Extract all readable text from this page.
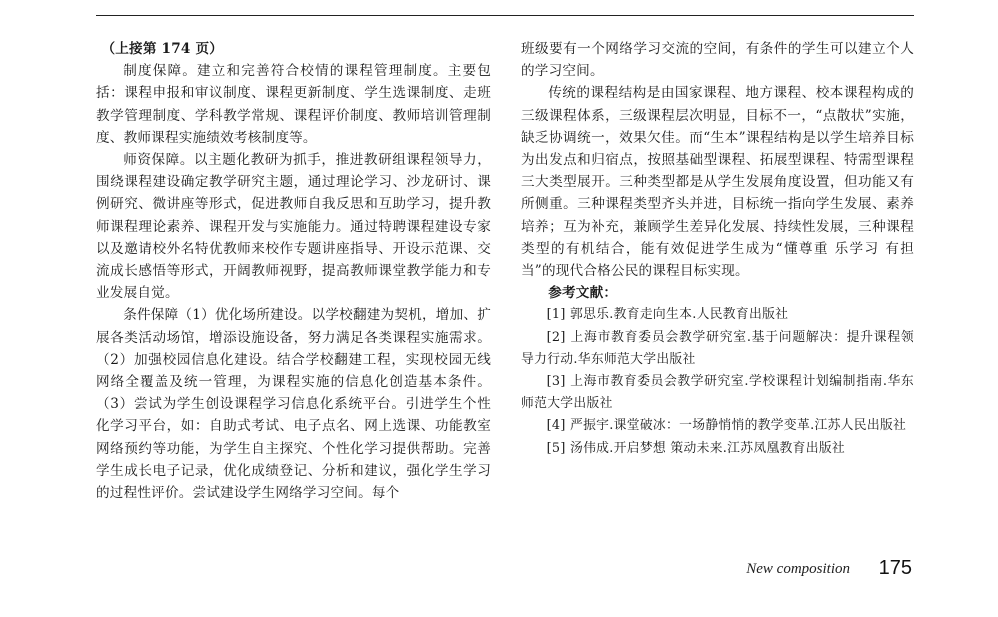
（上接第 174 页）

制度保障。建立和完善符合校情的课程管理制度。主要包括：课程申报和审议制度、课程更新制度、学生选课制度、走班教学管理制度、学科教学常规、课程评价制度、教师培训管理制度、教师课程实施绩效考核制度等。

师资保障。以主题化教研为抓手，推进教研组课程领导力，围绕课程建设确定教学研究主题，通过理论学习、沙龙研讨、课例研究、微讲座等形式，促进教师自我反思和互助学习，提升教师课程理论素养、课程开发与实施能力。通过特聘课程建设专家以及邀请校外名特优教师来校作专题讲座指导、开设示范课、交流成长感悟等形式，开阔教师视野，提高教师课堂教学能力和专业发展自觉。

条件保障（1）优化场所建设。以学校翻建为契机，增加、扩展各类活动场馆，增添设施设备，努力满足各类课程实施需求。（2）加强校园信息化建设。结合学校翻建工程，实现校园无线网络全覆盖及统一管理，为课程实施的信息化创造基本条件。（3）尝试为学生创设课程学习信息化系统平台。引进学生个性化学习平台，如：自助式考试、电子点名、网上选课、功能教室网络预约等功能，为学生自主探究、个性化学习提供帮助。完善学生成长电子记录，优化成绩登记、分析和建议，强化学生学习的过程性评价。尝试建设学生网络学习空间。每个

班级要有一个网络学习交流的空间，有条件的学生可以建立个人的学习空间。

传统的课程结构是由国家课程、地方课程、校本课程构成的三级课程体系，三级课程层次明显，目标不一，“点散状”实施，缺乏协调统一，效果欠佳。而“生本”课程结构是以学生培养目标为出发点和归宿点，按照基础型课程、拓展型课程、特需型课程三大类型展开。三种类型都是从学生发展角度设置，但功能又有所侧重。三种课程类型齐头并进，目标统一指向学生发展、素养培养；互为补充，兼顾学生差异化发展、持续性发展，三种课程类型的有机结合，能有效促进学生成为“懂尊重 乐学习 有担当”的现代合格公民的课程目标实现。

参考文献：

[1] 郭思乐.教育走向生本.人民教育出版社

[2] 上海市教育委员会教学研究室.基于问题解决：提升课程领导力行动.华东师范大学出版社

[3] 上海市教育委员会教学研究室.学校课程计划编制指南.华东师范大学出版社

[4] 严振宇.课堂破冰：一场静悄悄的教学变革.江苏人民出版社

[5] 汤伟成.开启梦想 策动未来.江苏凤凰教育出版社

New composition 175
